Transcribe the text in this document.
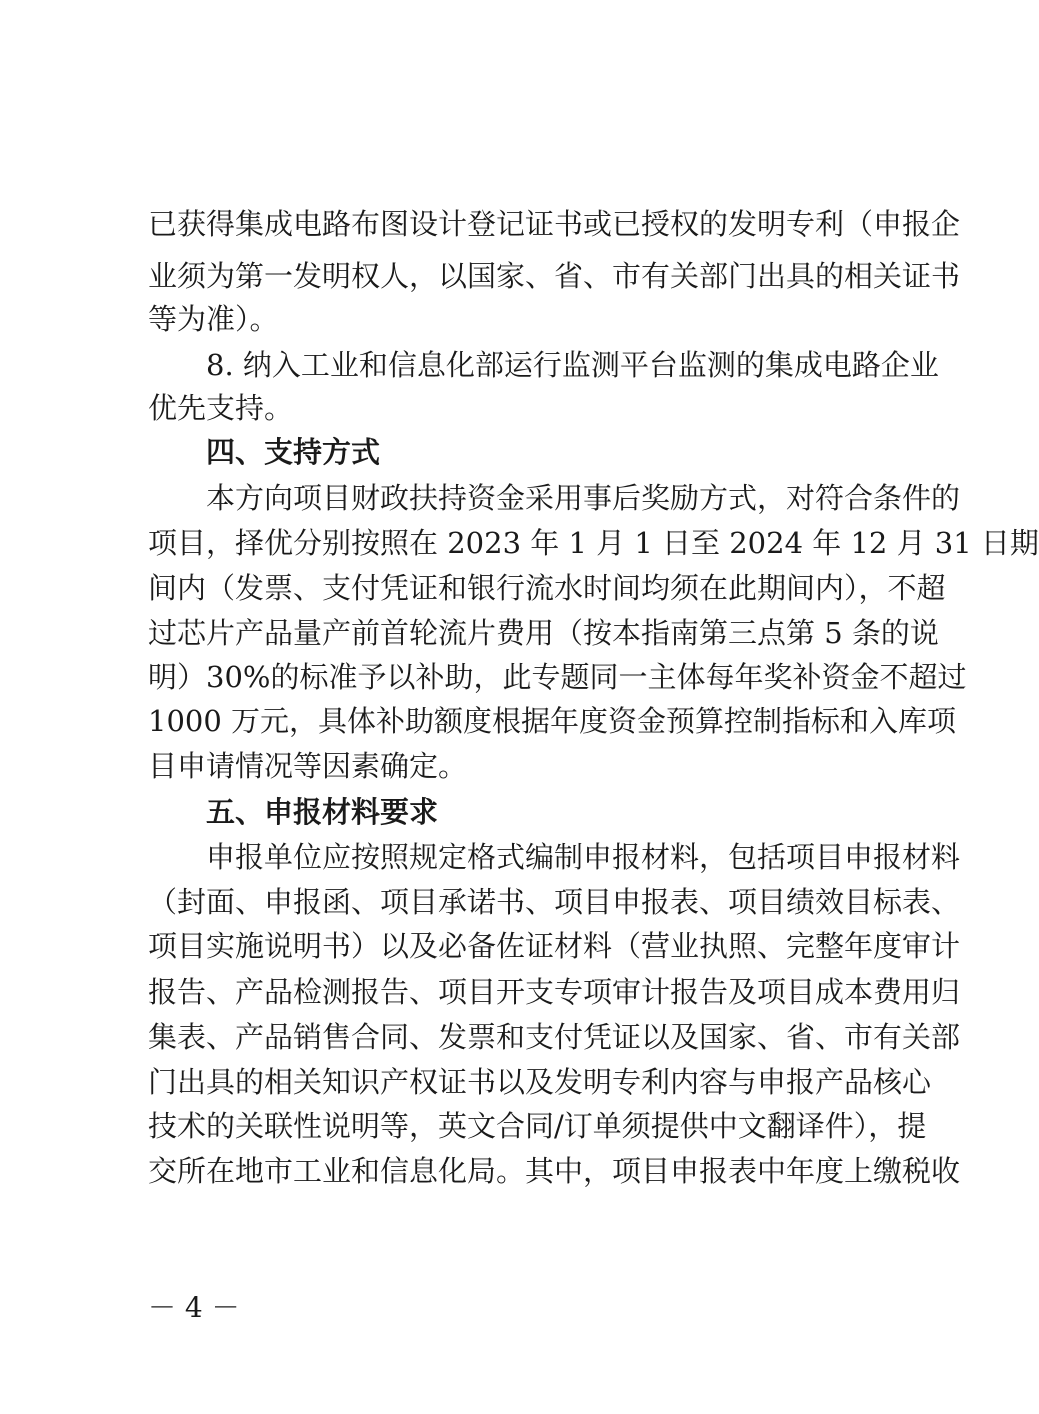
已获得集成电路布图设计登记证书或已授权的发明专利（申报企
业须为第一发明权人，以国家、省、市有关部门出具的相关证书
等为准）。
8. 纳入工业和信息化部运行监测平台监测的集成电路企业
优先支持。
四、支持方式
本方向项目财政扶持资金采用事后奖励方式，对符合条件的
项目，择优分别按照在 2023 年 1 月 1 日至 2024 年 12 月 31 日期
间内（发票、支付凭证和银行流水时间均须在此期间内），不超
过芯片产品量产前首轮流片费用（按本指南第三点第 5 条的说
明）30%的标准予以补助，此专题同一主体每年奖补资金不超过
1000 万元，具体补助额度根据年度资金预算控制指标和入库项
目申请情况等因素确定。
五、申报材料要求
申报单位应按照规定格式编制申报材料，包括项目申报材料
（封面、申报函、项目承诺书、项目申报表、项目绩效目标表、
项目实施说明书）以及必备佐证材料（营业执照、完整年度审计
报告、产品检测报告、项目开支专项审计报告及项目成本费用归
集表、产品销售合同、发票和支付凭证以及国家、省、市有关部
门出具的相关知识产权证书以及发明专利内容与申报产品核心
技术的关联性说明等，英文合同/订单须提供中文翻译件），提
交所在地市工业和信息化局。其中，项目申报表中年度上缴税收
－ 4 －
